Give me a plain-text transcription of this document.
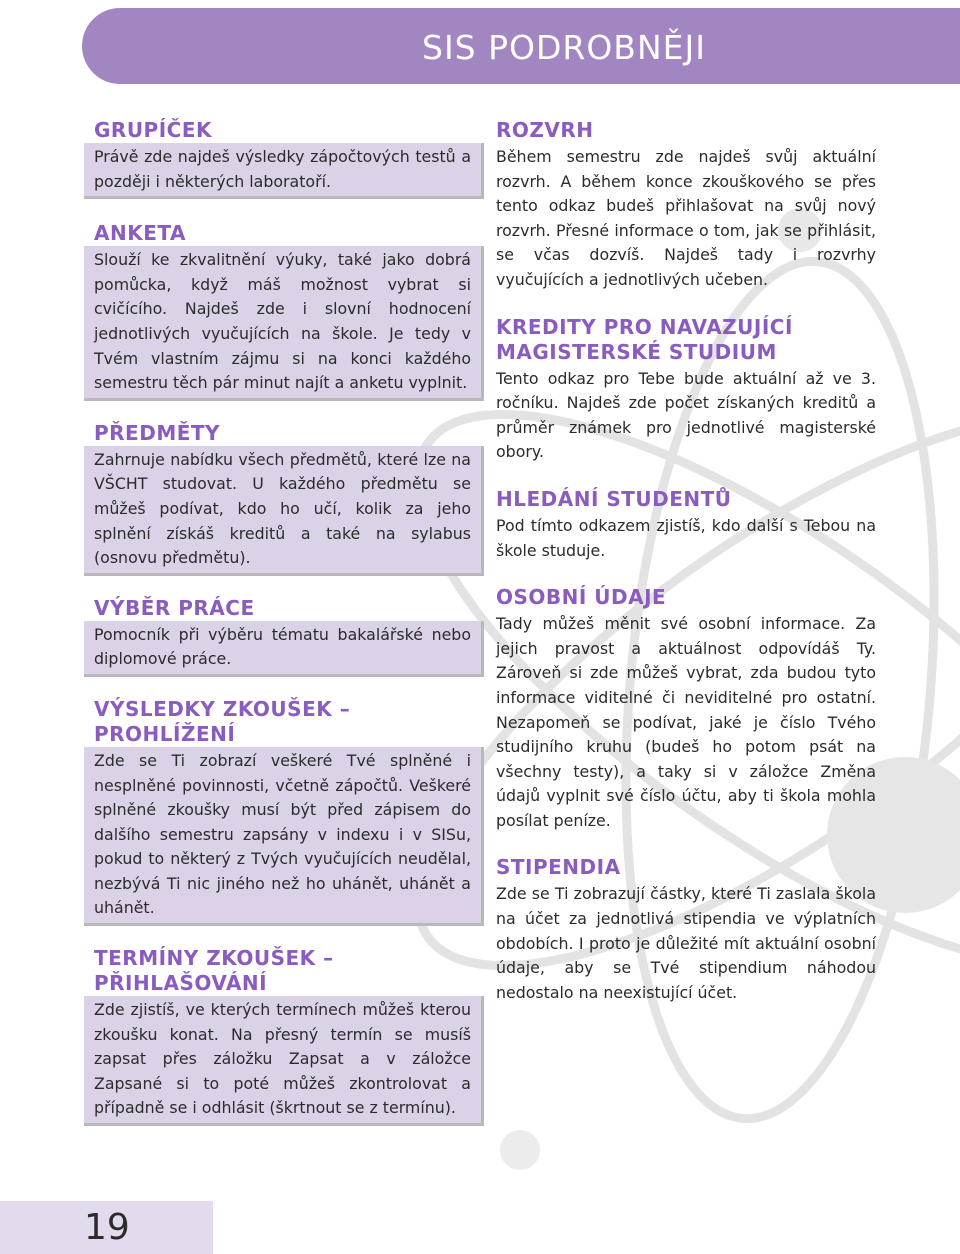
SIS PODROBNĚJI
GRUPÍČEK

Právě zde najdeš výsledky zápočtových testů a později i některých laboratoří.

ANKETA

Slouží ke zkvalitnění výuky, také jako dobrá pomůcka, když máš možnost vybrat si cvičícího. Najdeš zde i slovní hodnocení jednotlivých vyučujících na škole. Je tedy v Tvém vlastním zájmu si na konci každého semestru těch pár minut najít a anketu vyplnit.

PŘEDMĚTY

Zahrnuje nabídku všech předmětů, které lze na VŠCHT studovat. U každého předmětu se můžeš podívat, kdo ho učí, kolik za jeho splnění získáš kreditů a také na sylabus (osnovu předmětu).

VÝBĚR PRÁCE

Pomocník při výběru tématu bakalářské nebo diplomové práce.

VÝSLEDKY ZKOUŠEK – PROHLÍŽENÍ

Zde se Ti zobrazí veškeré Tvé splněné i nesplněné povinnosti, včetně zápočtů. Veškeré splněné zkoušky musí být před zápisem do dalšího semestru zapsány v indexu i v SISu, pokud to některý z Tvých vyučujících neudělal, nezbývá Ti nic jiného než ho uhánět, uhánět a uhánět.

TERMÍNY ZKOUŠEK – PŘIHLAŠOVÁNÍ

Zde zjistíš, ve kterých termínech můžeš kterou zkoušku konat. Na přesný termín se musíš zapsat přes záložku Zapsat a v záložce Zapsané si to poté můžeš zkontrolovat a případně se i odhlásit (škrtnout se z termínu).

ROZVRH

Během semestru zde najdeš svůj aktuální rozvrh. A během konce zkouškového se přes tento odkaz budeš přihlašovat na svůj nový rozvrh. Přesné informace o tom, jak se přihlásit, se včas dozvíš. Najdeš tady i rozvrhy vyučujících a jednotlivých učeben.

KREDITY PRO NAVAZUJÍCÍ MAGISTERSKÉ STUDIUM

Tento odkaz pro Tebe bude aktuální až ve 3. ročníku. Najdeš zde počet získaných kreditů a průměr známek pro jednotlivé magisterské obory.

HLEDÁNÍ STUDENTŮ

Pod tímto odkazem zjistíš, kdo další s Tebou na škole studuje.

OSOBNÍ ÚDAJE

Tady můžeš měnit své osobní informace. Za jejich pravost a aktuálnost odpovídáš Ty. Zároveň si zde můžeš vybrat, zda budou tyto informace viditelné či neviditelné pro ostatní. Nezapomeň se podívat, jaké je číslo Tvého studijního kruhu (budeš ho potom psát na všechny testy), a taky si v záložce Změna údajů vyplnit své číslo účtu, aby ti škola mohla posílat peníze.

STIPENDIA

Zde se Ti zobrazují částky, které Ti zaslala škola na účet za jednotlivá stipendia ve výplatních obdobích. I proto je důležité mít aktuální osobní údaje, aby se Tvé stipendium náhodou nedostalo na neexistující účet.

19
